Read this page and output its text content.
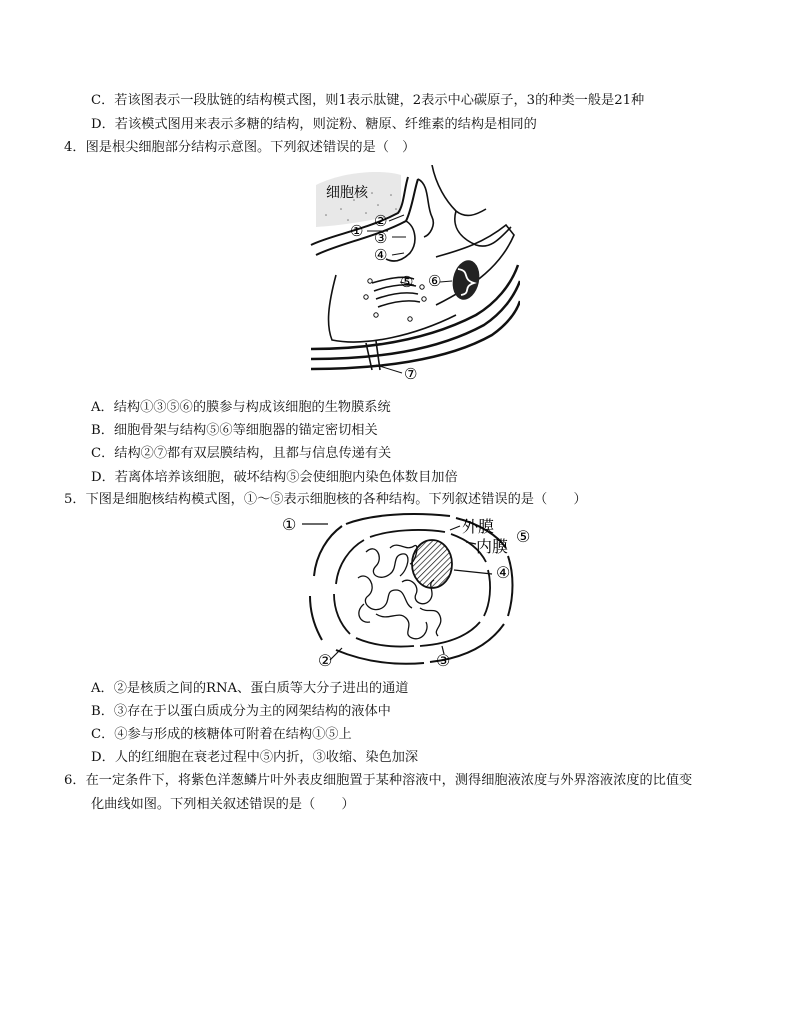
C．若该图表示一段肽链的结构模式图，则1表示肽键，2表示中心碳原子，3的种类一般是21种
D．若该模式图用来表示多糖的结构，则淀粉、糖原、纤维素的结构是相同的
4．图是根尖细胞部分结构示意图。下列叙述错误的是（　）
细胞核
①
②
③
④
⑤ ⑥
⑦
A．结构①③⑤⑥的膜参与构成该细胞的生物膜系统
B．细胞骨架与结构⑤⑥等细胞器的锚定密切相关
C．结构②⑦都有双层膜结构，且都与信息传递有关
D．若离体培养该细胞，破坏结构⑤会使细胞内染色体数目加倍
5．下图是细胞核结构模式图，①～⑤表示细胞核的各种结构。下列叙述错误的是（　　）
①
②	③
④
外膜
内膜
⑤
A．②是核质之间的RNA、蛋白质等大分子进出的通道
B．③存在于以蛋白质成分为主的网架结构的液体中
C．④参与形成的核糖体可附着在结构①⑤上
D．人的红细胞在衰老过程中⑤内折，③收缩、染色加深
6．在一定条件下，将紫色洋葱鳞片叶外表皮细胞置于某种溶液中，测得细胞液浓度与外界溶液浓度的比值变
化曲线如图。下列相关叙述错误的是（　　）
